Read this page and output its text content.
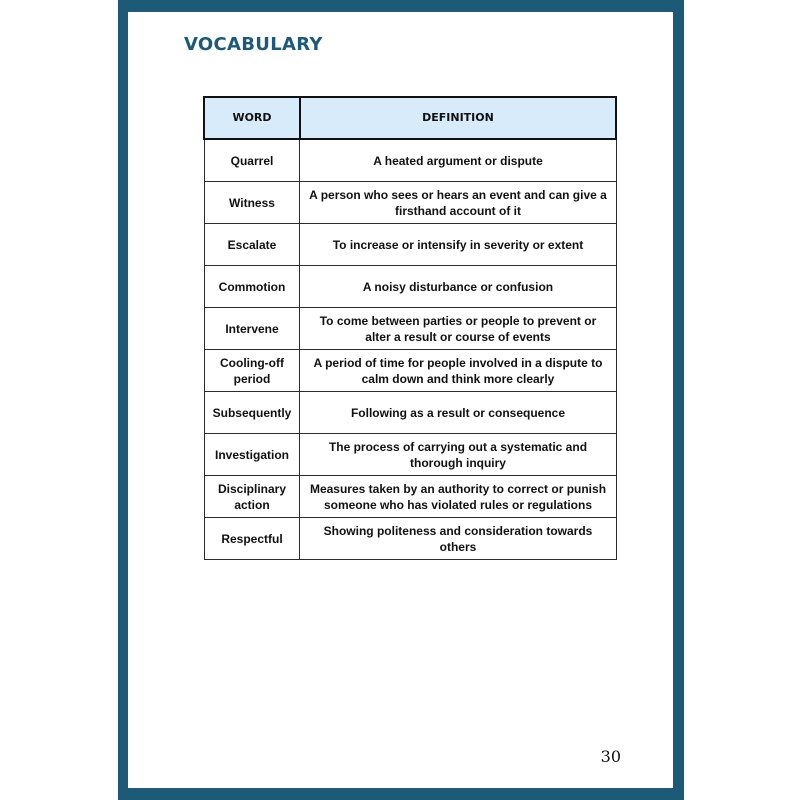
VOCABULARY
WORD	DEFINITION
Quarrel	A heated argument or dispute
Witness	A person who sees or hears an event and can give a firsthand account of it
Escalate	To increase or intensify in severity or extent
Commotion	A noisy disturbance or confusion
Intervene	To come between parties or people to prevent or alter a result or course of events
Cooling-off period	A period of time for people involved in a dispute to calm down and think more clearly
Subsequently	Following as a result or consequence
Investigation	The process of carrying out a systematic and thorough inquiry
Disciplinary action	Measures taken by an authority to correct or punish someone who has violated rules or regulations
Respectful	Showing politeness and consideration towards others
30
